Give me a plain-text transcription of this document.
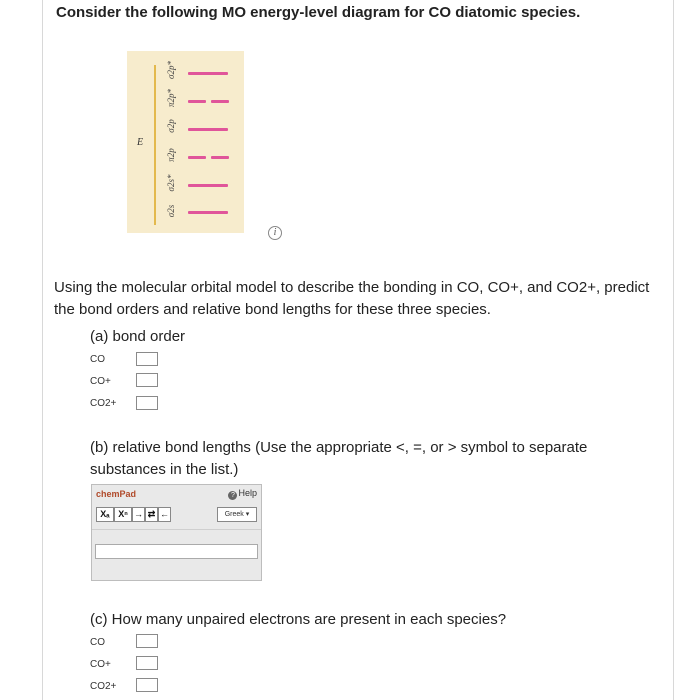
Consider the following MO energy-level diagram for CO diatomic species.
E
σ2p*
π2p*
σ2p
π2p
σ2s*
σ2s
i
Using the molecular orbital model to describe the bonding in CO, CO+, and CO2+, predict the bond orders and relative bond lengths for these three species.
(a) bond order
CO
CO+
CO2+
(b) relative bond lengths (Use the appropriate <, =, or > symbol to separate substances in the list.)
chemPad	? Help
Xₐ Xⁿ → ⇄ ←	Greek ▾
(c) How many unpaired electrons are present in each species?
CO
CO+
CO2+
